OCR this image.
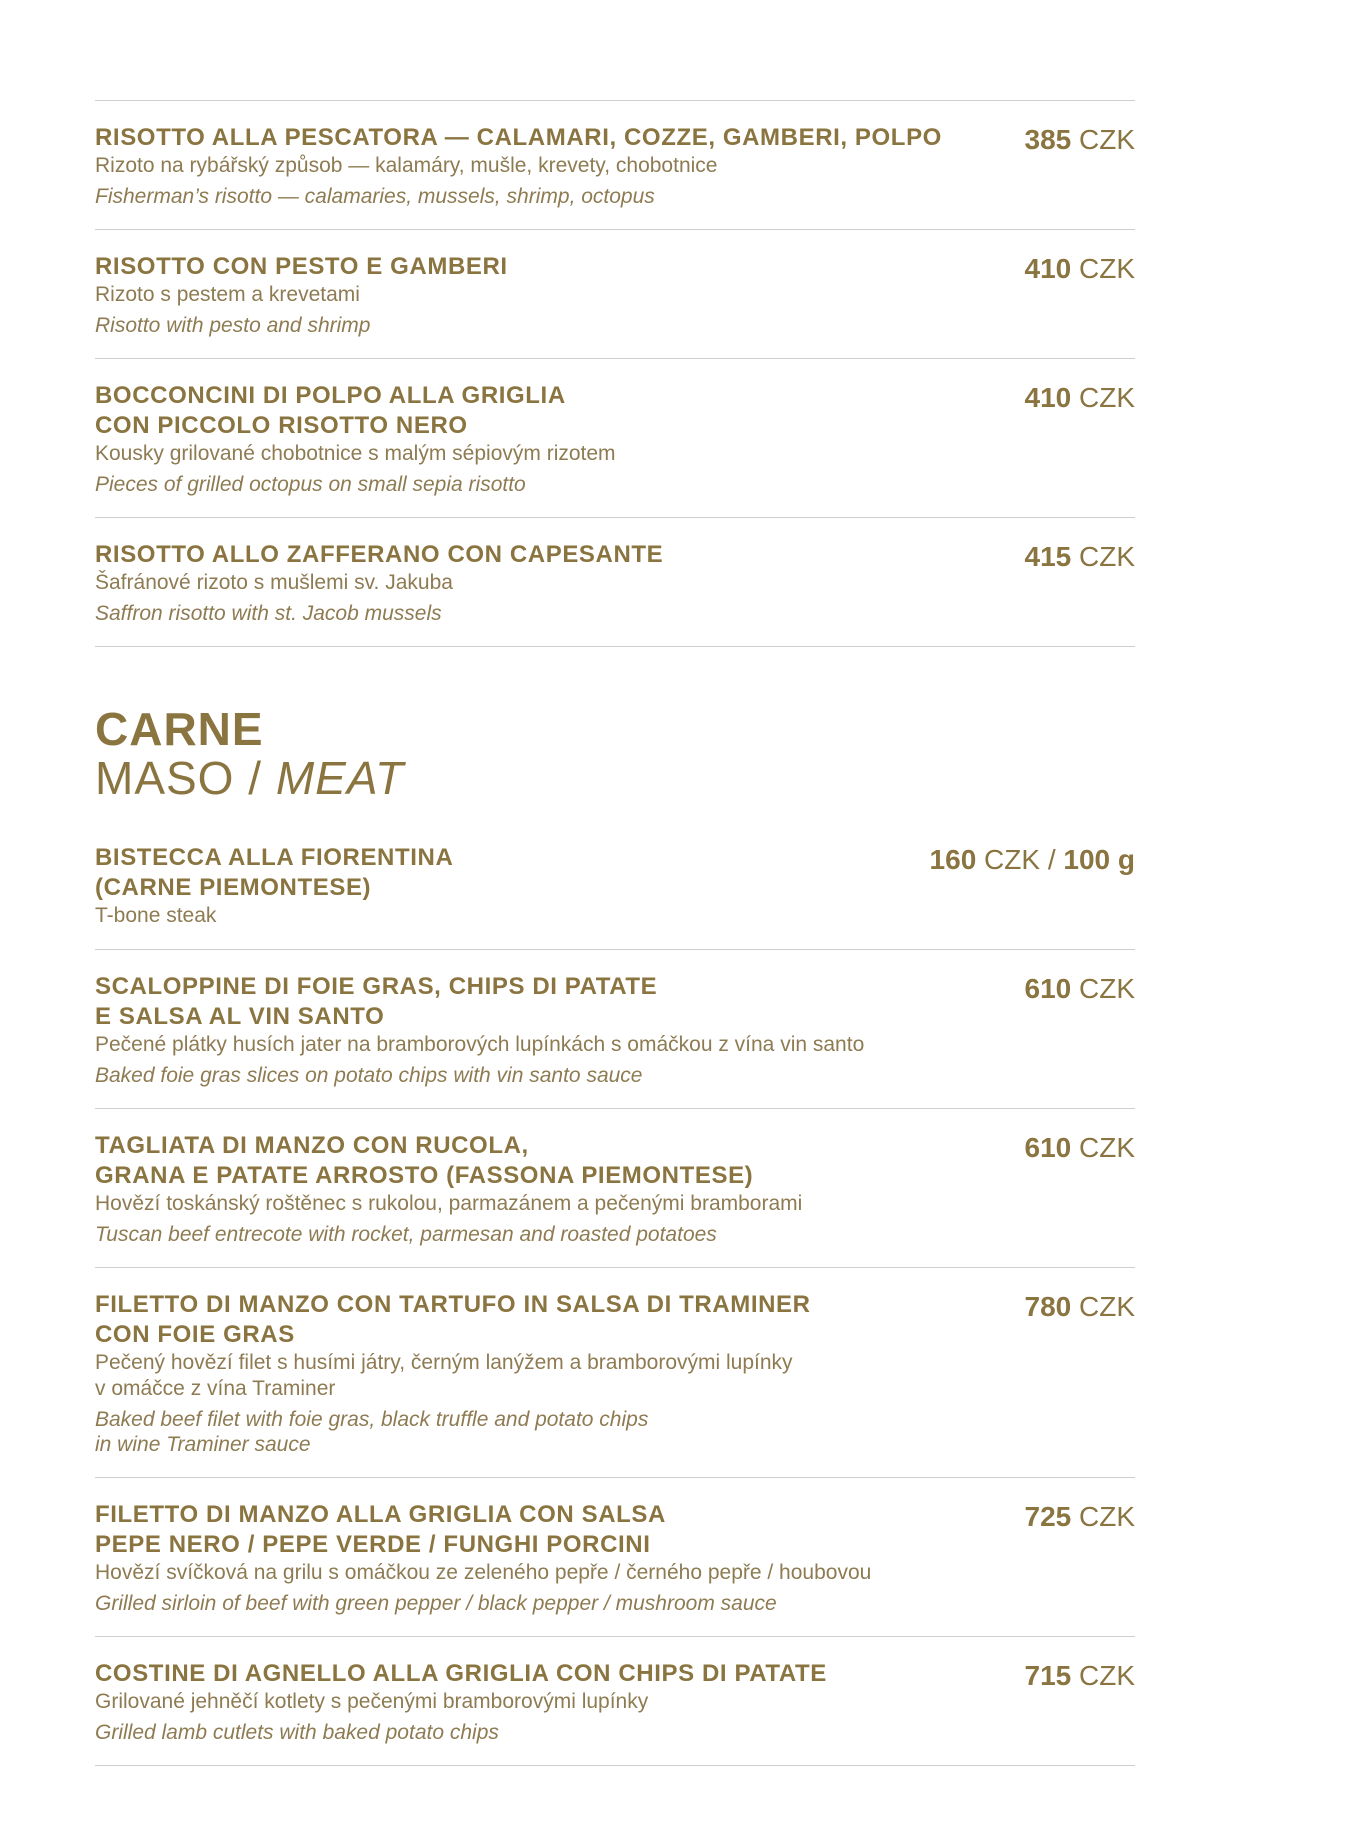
RISOTTO ALLA PESCATORA — CALAMARI, COZZE, GAMBERI, POLPO
Rizoto na rybářský způsob — kalamáry, mušle, krevety, chobotnice
Fisherman’s risotto — calamaries, mussels, shrimp, octopus
385 CZK
RISOTTO CON PESTO E GAMBERI
Rizoto s pestem a krevetami
Risotto with pesto and shrimp
410 CZK
BOCCONCINI DI POLPO ALLA GRIGLIA
CON PICCOLO RISOTTO NERO
Kousky grilované chobotnice s malým sépiovým rizotem
Pieces of grilled octopus on small sepia risotto
410 CZK
RISOTTO ALLO ZAFFERANO CON CAPESANTE
Šafránové rizoto s mušlemi sv. Jakuba
Saffron risotto with st. Jacob mussels
415 CZK
CARNE
MASO / MEAT
BISTECCA ALLA FIORENTINA
(CARNE PIEMONTESE)
T-bone steak
160 CZK / 100 g
SCALOPPINE DI FOIE GRAS, CHIPS DI PATATE
E SALSA AL VIN SANTO
Pečené plátky husích jater na bramborových lupínkách s omáčkou z vína vin santo
Baked foie gras slices on potato chips with vin santo sauce
610 CZK
TAGLIATA DI MANZO CON RUCOLA,
GRANA E PATATE ARROSTO (FASSONA PIEMONTESE)
Hovězí toskánský roštěnec s rukolou, parmazánem a pečenými bramborami
Tuscan beef entrecote with rocket, parmesan and roasted potatoes
610 CZK
FILETTO DI MANZO CON TARTUFO IN SALSA DI TRAMINER
CON FOIE GRAS
Pečený hovězí filet s husími játry, černým lanýžem a bramborovými lupínky
v omáčce z vína Traminer
Baked beef filet with foie gras, black truffle and potato chips
in wine Traminer sauce
780 CZK
FILETTO DI MANZO ALLA GRIGLIA CON SALSA
PEPE NERO / PEPE VERDE / FUNGHI PORCINI
Hovězí svíčková na grilu s omáčkou ze zeleného pepře / černého pepře / houbovou
Grilled sirloin of beef with green pepper / black pepper / mushroom sauce
725 CZK
COSTINE DI AGNELLO ALLA GRIGLIA CON CHIPS DI PATATE
Grilované jehněčí kotlety s pečenými bramborovými lupínky
Grilled lamb cutlets with baked potato chips
715 CZK
